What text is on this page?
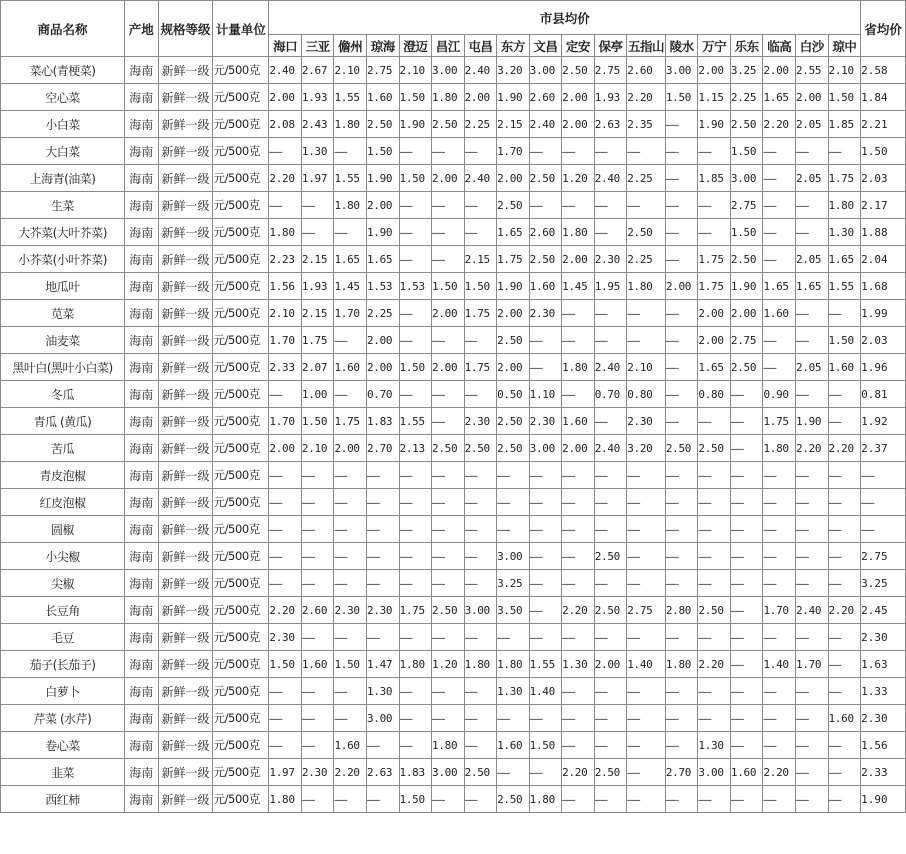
商品名称	产地	规格等级	计量单位	市县均价																		省均价
				海口	三亚	儋州	琼海	澄迈	昌江	屯昌	东方	文昌	定安	保亭	五指山	陵水	万宁	乐东	临高	白沙	琼中	
菜心(青梗菜)	海南	新鲜一级	元/500克	2.40	2.67	2.10	2.75	2.10	3.00	2.40	3.20	3.00	2.50	2.75	2.60	3.00	2.00	3.25	2.00	2.55	2.10	2.58
空心菜	海南	新鲜一级	元/500克	2.00	1.93	1.55	1.60	1.50	1.80	2.00	1.90	2.60	2.00	1.93	2.20	1.50	1.15	2.25	1.65	2.00	1.50	1.84
小白菜	海南	新鲜一级	元/500克	2.08	2.43	1.80	2.50	1.90	2.50	2.25	2.15	2.40	2.00	2.63	2.35	——	1.90	2.50	2.20	2.05	1.85	2.21
大白菜	海南	新鲜一级	元/500克	——	1.30	——	1.50	——	——	——	1.70	——	——	——	——	——	——	1.50	——	——	——	1.50
上海青(油菜)	海南	新鲜一级	元/500克	2.20	1.97	1.55	1.90	1.50	2.00	2.40	2.00	2.50	1.20	2.40	2.25	——	1.85	3.00	——	2.05	1.75	2.03
生菜	海南	新鲜一级	元/500克	——	——	1.80	2.00	——	——	——	2.50	——	——	——	——	——	——	2.75	——	——	1.80	2.17
大芥菜(大叶芥菜)	海南	新鲜一级	元/500克	1.80	——	——	1.90	——	——	——	1.65	2.60	1.80	——	2.50	——	——	1.50	——	——	1.30	1.88
小芥菜(小叶芥菜)	海南	新鲜一级	元/500克	2.23	2.15	1.65	1.65	——	——	2.15	1.75	2.50	2.00	2.30	2.25	——	1.75	2.50	——	2.05	1.65	2.04
地瓜叶	海南	新鲜一级	元/500克	1.56	1.93	1.45	1.53	1.53	1.50	1.50	1.90	1.60	1.45	1.95	1.80	2.00	1.75	1.90	1.65	1.65	1.55	1.68
苋菜	海南	新鲜一级	元/500克	2.10	2.15	1.70	2.25	——	2.00	1.75	2.00	2.30	——	——	——	——	2.00	2.00	1.60	——	——	1.99
油麦菜	海南	新鲜一级	元/500克	1.70	1.75	——	2.00	——	——	——	2.50	——	——	——	——	——	2.00	2.75	——	——	1.50	2.03
黑叶白(黑叶小白菜)	海南	新鲜一级	元/500克	2.33	2.07	1.60	2.00	1.50	2.00	1.75	2.00	——	1.80	2.40	2.10	——	1.65	2.50	——	2.05	1.60	1.96
冬瓜	海南	新鲜一级	元/500克	——	1.00	——	0.70	——	——	——	0.50	1.10	——	0.70	0.80	——	0.80	——	0.90	——	——	0.81
青瓜 (黄瓜)	海南	新鲜一级	元/500克	1.70	1.50	1.75	1.83	1.55	——	2.30	2.50	2.30	1.60	——	2.30	——	——	——	1.75	1.90	——	1.92
苦瓜	海南	新鲜一级	元/500克	2.00	2.10	2.00	2.70	2.13	2.50	2.50	2.50	3.00	2.00	2.40	3.20	2.50	2.50	——	1.80	2.20	2.20	2.37
青皮泡椒	海南	新鲜一级	元/500克	——	——	——	——	——	——	——	——	——	——	——	——	——	——	——	——	——	——	——
红皮泡椒	海南	新鲜一级	元/500克	——	——	——	——	——	——	——	——	——	——	——	——	——	——	——	——	——	——	——
圆椒	海南	新鲜一级	元/500克	——	——	——	——	——	——	——	——	——	——	——	——	——	——	——	——	——	——	——
小尖椒	海南	新鲜一级	元/500克	——	——	——	——	——	——	——	3.00	——	——	2.50	——	——	——	——	——	——	——	2.75
尖椒	海南	新鲜一级	元/500克	——	——	——	——	——	——	——	3.25	——	——	——	——	——	——	——	——	——	——	3.25
长豆角	海南	新鲜一级	元/500克	2.20	2.60	2.30	2.30	1.75	2.50	3.00	3.50	——	2.20	2.50	2.75	2.80	2.50	——	1.70	2.40	2.20	2.45
毛豆	海南	新鲜一级	元/500克	2.30	——	——	——	——	——	——	——	——	——	——	——	——	——	——	——	——	——	2.30
茄子(长茄子)	海南	新鲜一级	元/500克	1.50	1.60	1.50	1.47	1.80	1.20	1.80	1.80	1.55	1.30	2.00	1.40	1.80	2.20	——	1.40	1.70	——	1.63
白萝卜	海南	新鲜一级	元/500克	——	——	——	1.30	——	——	——	1.30	1.40	——	——	——	——	——	——	——	——	——	1.33
芹菜 (水芹)	海南	新鲜一级	元/500克	——	——	——	3.00	——	——	——	——	——	——	——	——	——	——	——	——	——	1.60	2.30
卷心菜	海南	新鲜一级	元/500克	——	——	1.60	——	——	1.80	——	1.60	1.50	——	——	——	——	1.30	——	——	——	——	1.56
韭菜	海南	新鲜一级	元/500克	1.97	2.30	2.20	2.63	1.83	3.00	2.50	——	——	2.20	2.50	——	2.70	3.00	1.60	2.20	——	——	2.33
西红柿	海南	新鲜一级	元/500克	1.80	——	——	——	1.50	——	——	2.50	1.80	——	——	——	——	——	——	——	——	——	1.90
